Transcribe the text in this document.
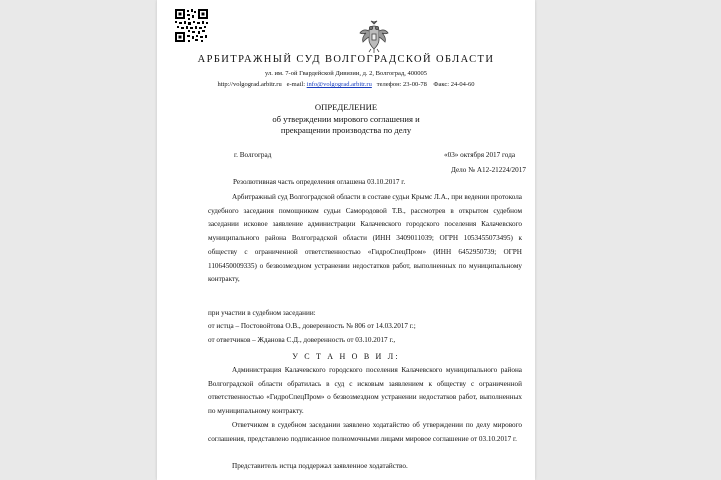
АРБИТРАЖНЫЙ СУД ВОЛГОГРАДСКОЙ ОБЛАСТИ
ул. им. 7-ой Гвардейской Дивизии, д. 2, Волгоград, 400005
http://volgograd.arbitr.ru e-mail: info@volgograd.arbitr.ru телефон: 23-00-78 Факс: 24-04-60
ОПРЕДЕЛЕНИЕ
об утверждении мирового соглашения и
прекращении производства по делу
г. Волгоград	«03» октября 2017 года
Дело № А12-21224/2017
Резолютивная часть определения оглашена 03.10.2017 г.
Арбитражный суд Волгоградской области в составе судьи Крымс Л.А., при ведении протокола судебного заседания помощником судьи Самородовой Т.В., рассмотрев в открытом судебном заседании исковое заявление администрации Калачевского городского поселения Калачевского муниципального района Волгоградской области (ИНН 3409011039; ОГРН 1053455073495) к обществу с ограниченной ответственностью «ГидроСпецПром» (ИНН 6452950739; ОГРН 1106450009335) о безвозмездном устранении недостатков работ, выполненных по муниципальному контракту,
при участии в судебном заседании:
от истца – Постовойтова О.В., доверенность № 806 от 14.03.2017 г.;
от ответчиков – Жданова С.Д., доверенность от 03.10.2017 г.,
У С Т А Н О В И Л:
Администрация Калачевского городского поселения Калачевского муниципального района Волгоградской области обратилась в суд с исковым заявлением к обществу с ограниченной ответственностью «ГидроСпецПром» о безвозмездном устранении недостатков работ, выполненных по муниципальному контракту.
Ответчиком в судебном заседании заявлено ходатайство об утверждении по делу мирового соглашения, представлено подписанное полномочными лицами мировое соглашение от 03.10.2017 г.
Представитель истца поддержал заявленное ходатайство.
